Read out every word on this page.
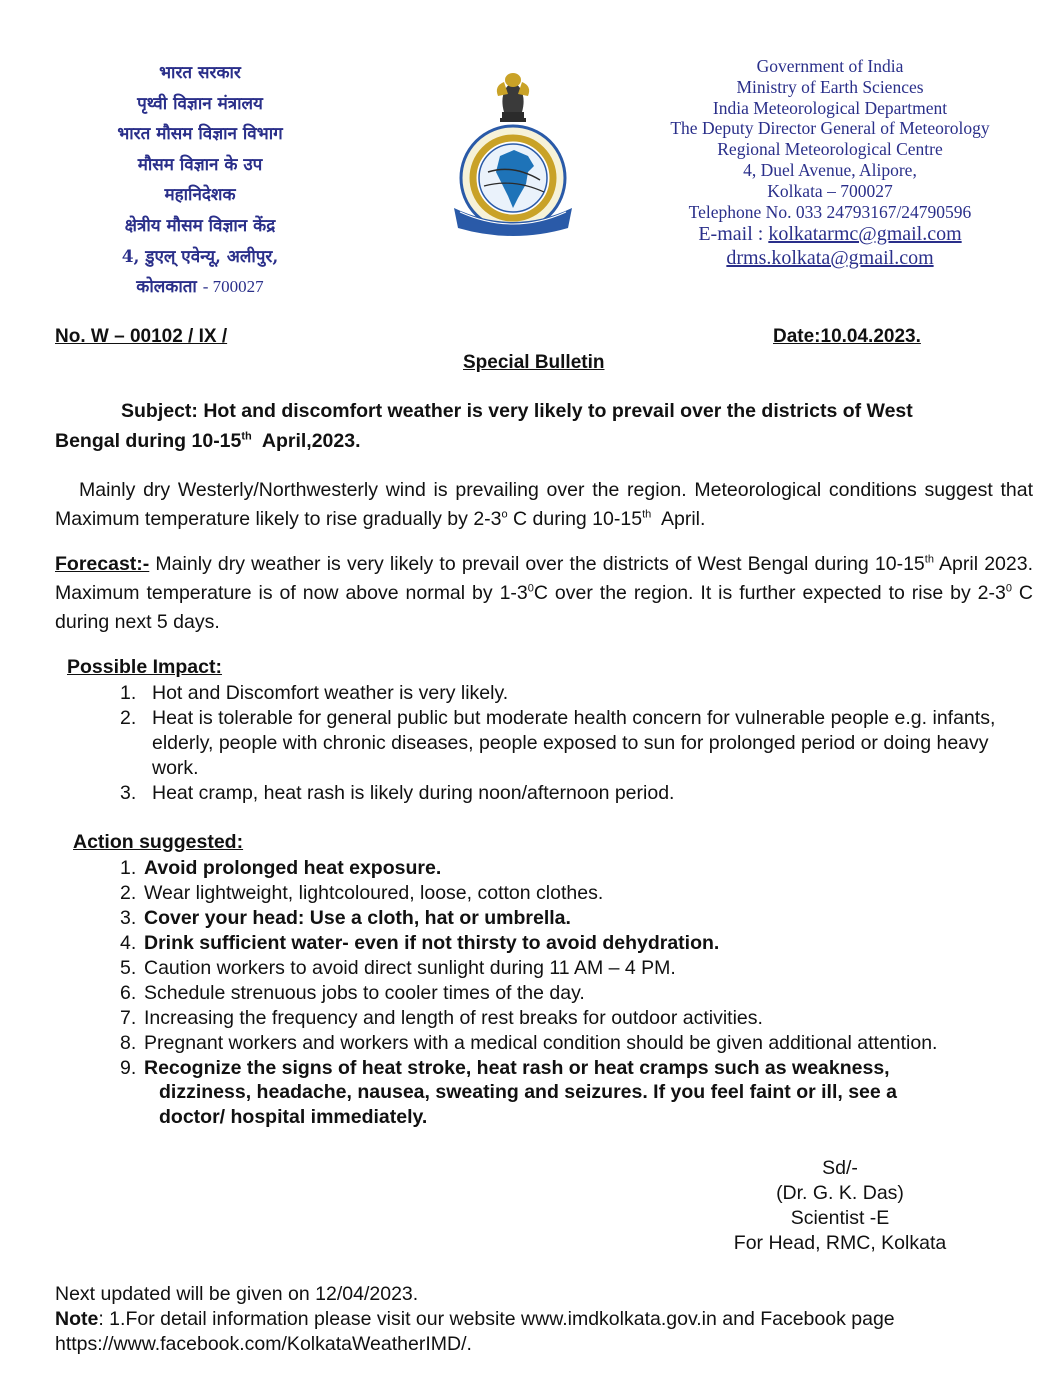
भारत सरकार
पृथ्वी विज्ञान मंत्रालय
भारत मौसम विज्ञान विभाग
मौसम विज्ञान के उप
महानिदेशक
क्षेत्रीय मौसम विज्ञान केंद्र
4, डुएल् एवेन्यू, अलीपुर,
कोलकाता - 700027
Government of India
Ministry of Earth Sciences
India Meteorological Department
The Deputy Director General of Meteorology
Regional Meteorological Centre
4, Duel Avenue, Alipore,
Kolkata – 700027
Telephone No. 033 24793167/24790596
E-mail : kolkatarmc@gmail.com
drms.kolkata@gmail.com
No. W – 00102 / IX /	Date:10.04.2023.
Special Bulletin
Subject: Hot and discomfort weather is very likely to prevail over the districts of West
Bengal during 10-15th  April,2023.
Mainly dry Westerly/Northwesterly wind is prevailing over the region. Meteorological conditions suggest that Maximum temperature likely to rise gradually by 2-3$^o$ C during 10-15th  April.
Forecast:- Mainly dry weather is very likely to prevail over the districts of West Bengal during 10-15th April 2023. Maximum temperature is of now above normal by $1-3^0C$ over the region. It is further expected to rise by $2-3^0$ C during next 5 days.
Possible Impact:
1. Hot and Discomfort weather is very likely.
2. Heat is tolerable for general public but moderate health concern for vulnerable people e.g. infants, elderly, people with chronic diseases, people exposed to sun for prolonged period or doing heavy work.
3. Heat cramp, heat rash is likely during noon/afternoon period.
Action suggested:
1. Avoid prolonged heat exposure.
2. Wear lightweight, lightcoloured, loose, cotton clothes.
3. Cover your head: Use a cloth, hat or umbrella.
4. Drink sufficient water- even if not thirsty to avoid dehydration.
5. Caution workers to avoid direct sunlight during 11 AM – 4 PM.
6. Schedule strenuous jobs to cooler times of the day.
7. Increasing the frequency and length of rest breaks for outdoor activities.
8. Pregnant workers and workers with a medical condition should be given additional attention.
9. Recognize the signs of heat stroke, heat rash or heat cramps such as weakness,
dizziness, headache, nausea, sweating and seizures. If you feel faint or ill, see a
doctor/ hospital immediately.
Sd/-
(Dr. G. K. Das)
Scientist -E
For Head, RMC, Kolkata
Next updated will be given on 12/04/2023.
Note: 1.For detail information please visit our website www.imdkolkata.gov.in and Facebook page
https://www.facebook.com/KolkataWeatherIMD/.
